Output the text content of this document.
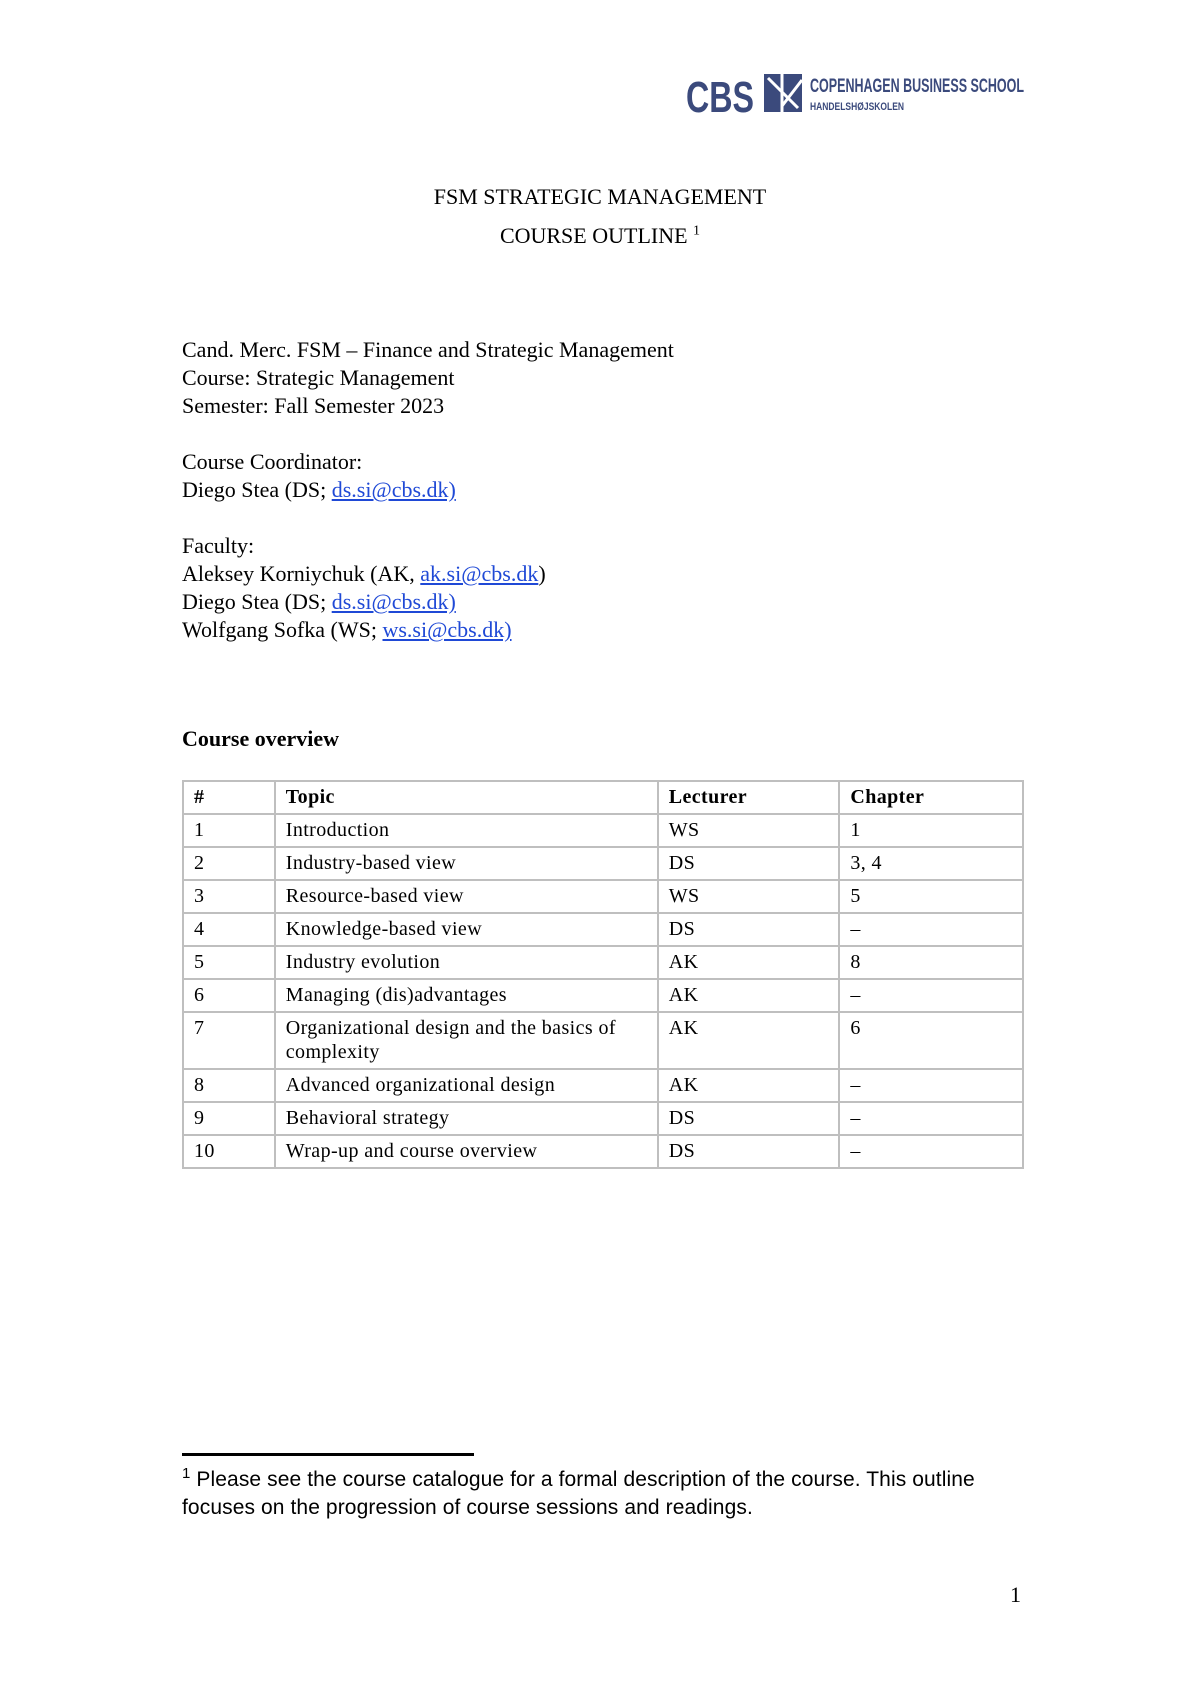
CBS	COPENHAGEN BUSINESS SCHOOL
HANDELSHØJSKOLEN
FSM STRATEGIC MANAGEMENT
COURSE OUTLINE $^1$
Cand. Merc. FSM – Finance and Strategic Management
Course: Strategic Management
Semester: Fall Semester 2023
Course Coordinator:
Diego Stea (DS; ds.si@cbs.dk)
Faculty:
Aleksey Korniychuk (AK, ak.si@cbs.dk)
Diego Stea (DS; ds.si@cbs.dk)
Wolfgang Sofka (WS; ws.si@cbs.dk)
Course overview
#	Topic	Lecturer	Chapter
1	Introduction	WS	1
2	Industry-based view	DS	3, 4
3	Resource-based view	WS	5
4	Knowledge-based view	DS	–
5	Industry evolution	AK	8
6	Managing (dis)advantages	AK	–
7	Organizational design and the basics of complexity	AK	6
8	Advanced organizational design	AK	–
9	Behavioral strategy	DS	–
10	Wrap-up and course overview	DS	–
$^1$ Please see the course catalogue for a formal description of the course. This outline focuses on the progression of course sessions and readings.
1
